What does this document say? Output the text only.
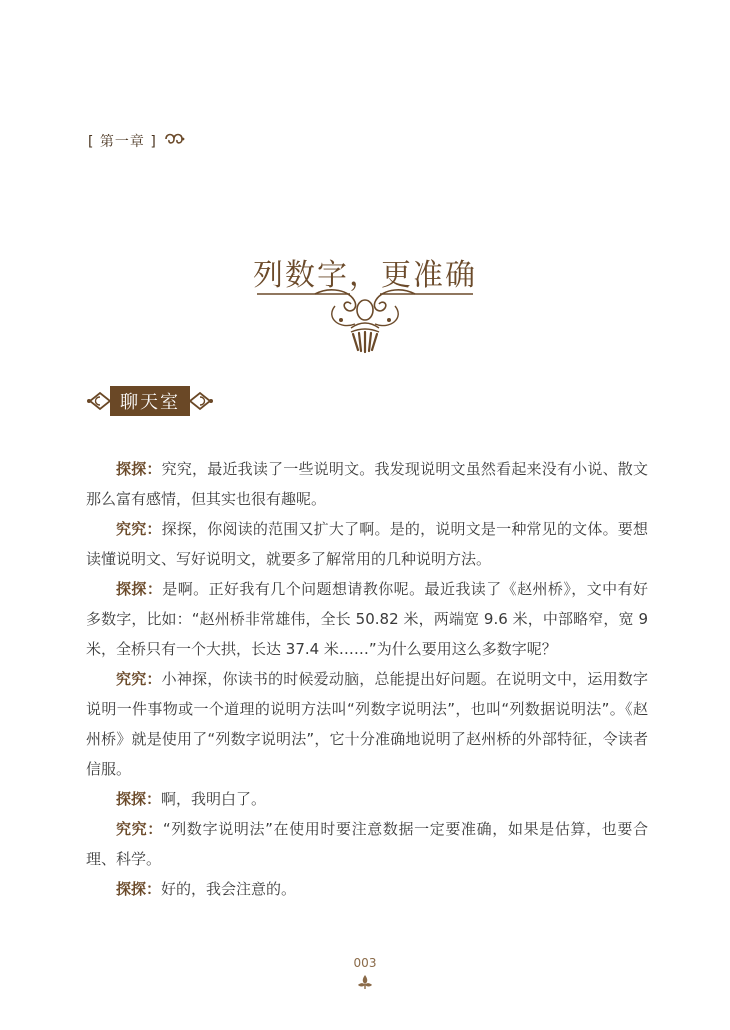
[ 第一章 ]
列数字，更准确
聊天室

探探：究究，最近我读了一些说明文。我发现说明文虽然看起来没有小说、散文那么富有感情，但其实也很有趣呢。

究究：探探，你阅读的范围又扩大了啊。是的，说明文是一种常见的文体。要想读懂说明文、写好说明文，就要多了解常用的几种说明方法。

探探：是啊。正好我有几个问题想请教你呢。最近我读了《赵州桥》，文中有好多数字，比如：“赵州桥非常雄伟，全长 50.82 米，两端宽 9.6 米，中部略窄，宽 9 米，全桥只有一个大拱，长达 37.4 米……”为什么要用这么多数字呢？

究究：小神探，你读书的时候爱动脑，总能提出好问题。在说明文中，运用数字说明一件事物或一个道理的说明方法叫“列数字说明法”，也叫“列数据说明法”。《赵州桥》就是使用了“列数字说明法”，它十分准确地说明了赵州桥的外部特征，令读者信服。

探探：啊，我明白了。

究究：“列数字说明法”在使用时要注意数据一定要准确，如果是估算，也要合理、科学。

探探：好的，我会注意的。

003
